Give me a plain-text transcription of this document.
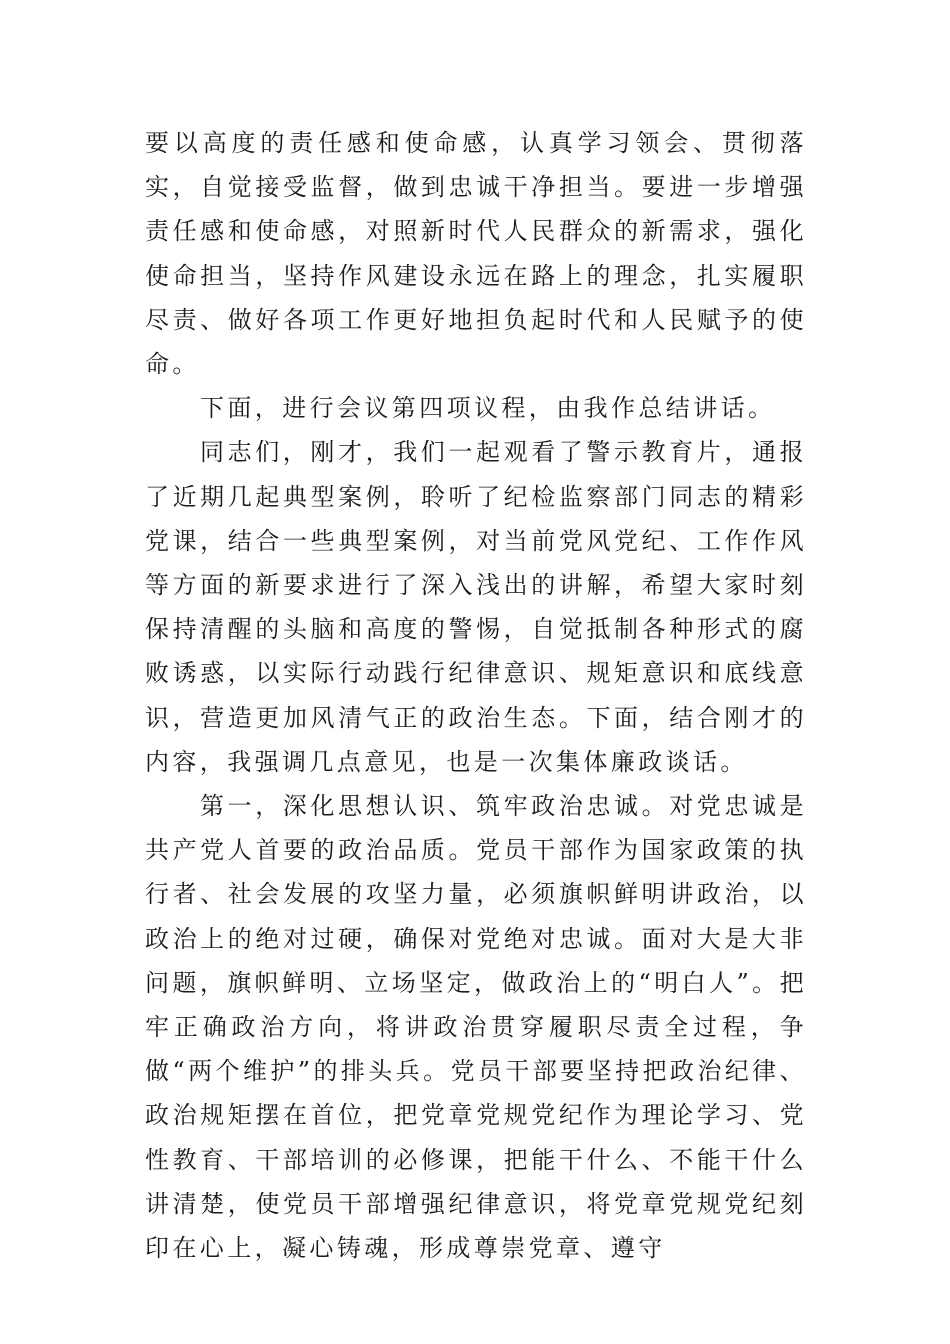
要以高度的责任感和使命感，认真学习领会、贯彻落实，自觉接受监督，做到忠诚干净担当。要进一步增强责任感和使命感，对照新时代人民群众的新需求，强化使命担当，坚持作风建设永远在路上的理念，扎实履职尽责、做好各项工作更好地担负起时代和人民赋予的使命。

下面，进行会议第四项议程，由我作总结讲话。

同志们，刚才，我们一起观看了警示教育片，通报了近期几起典型案例，聆听了纪检监察部门同志的精彩党课，结合一些典型案例，对当前党风党纪、工作作风等方面的新要求进行了深入浅出的讲解，希望大家时刻保持清醒的头脑和高度的警惕，自觉抵制各种形式的腐败诱惑，以实际行动践行纪律意识、规矩意识和底线意识，营造更加风清气正的政治生态。下面，结合刚才的内容，我强调几点意见，也是一次集体廉政谈话。

第一，深化思想认识、筑牢政治忠诚。对党忠诚是共产党人首要的政治品质。党员干部作为国家政策的执行者、社会发展的攻坚力量，必须旗帜鲜明讲政治，以政治上的绝对过硬，确保对党绝对忠诚。面对大是大非问题，旗帜鲜明、立场坚定，做政治上的“明白人”。把牢正确政治方向，将讲政治贯穿履职尽责全过程，争做“两个维护”的排头兵。党员干部要坚持把政治纪律、政治规矩摆在首位，把党章党规党纪作为理论学习、党性教育、干部培训的必修课，把能干什么、不能干什么讲清楚，使党员干部增强纪律意识，将党章党规党纪刻印在心上，凝心铸魂，形成尊崇党章、遵守
